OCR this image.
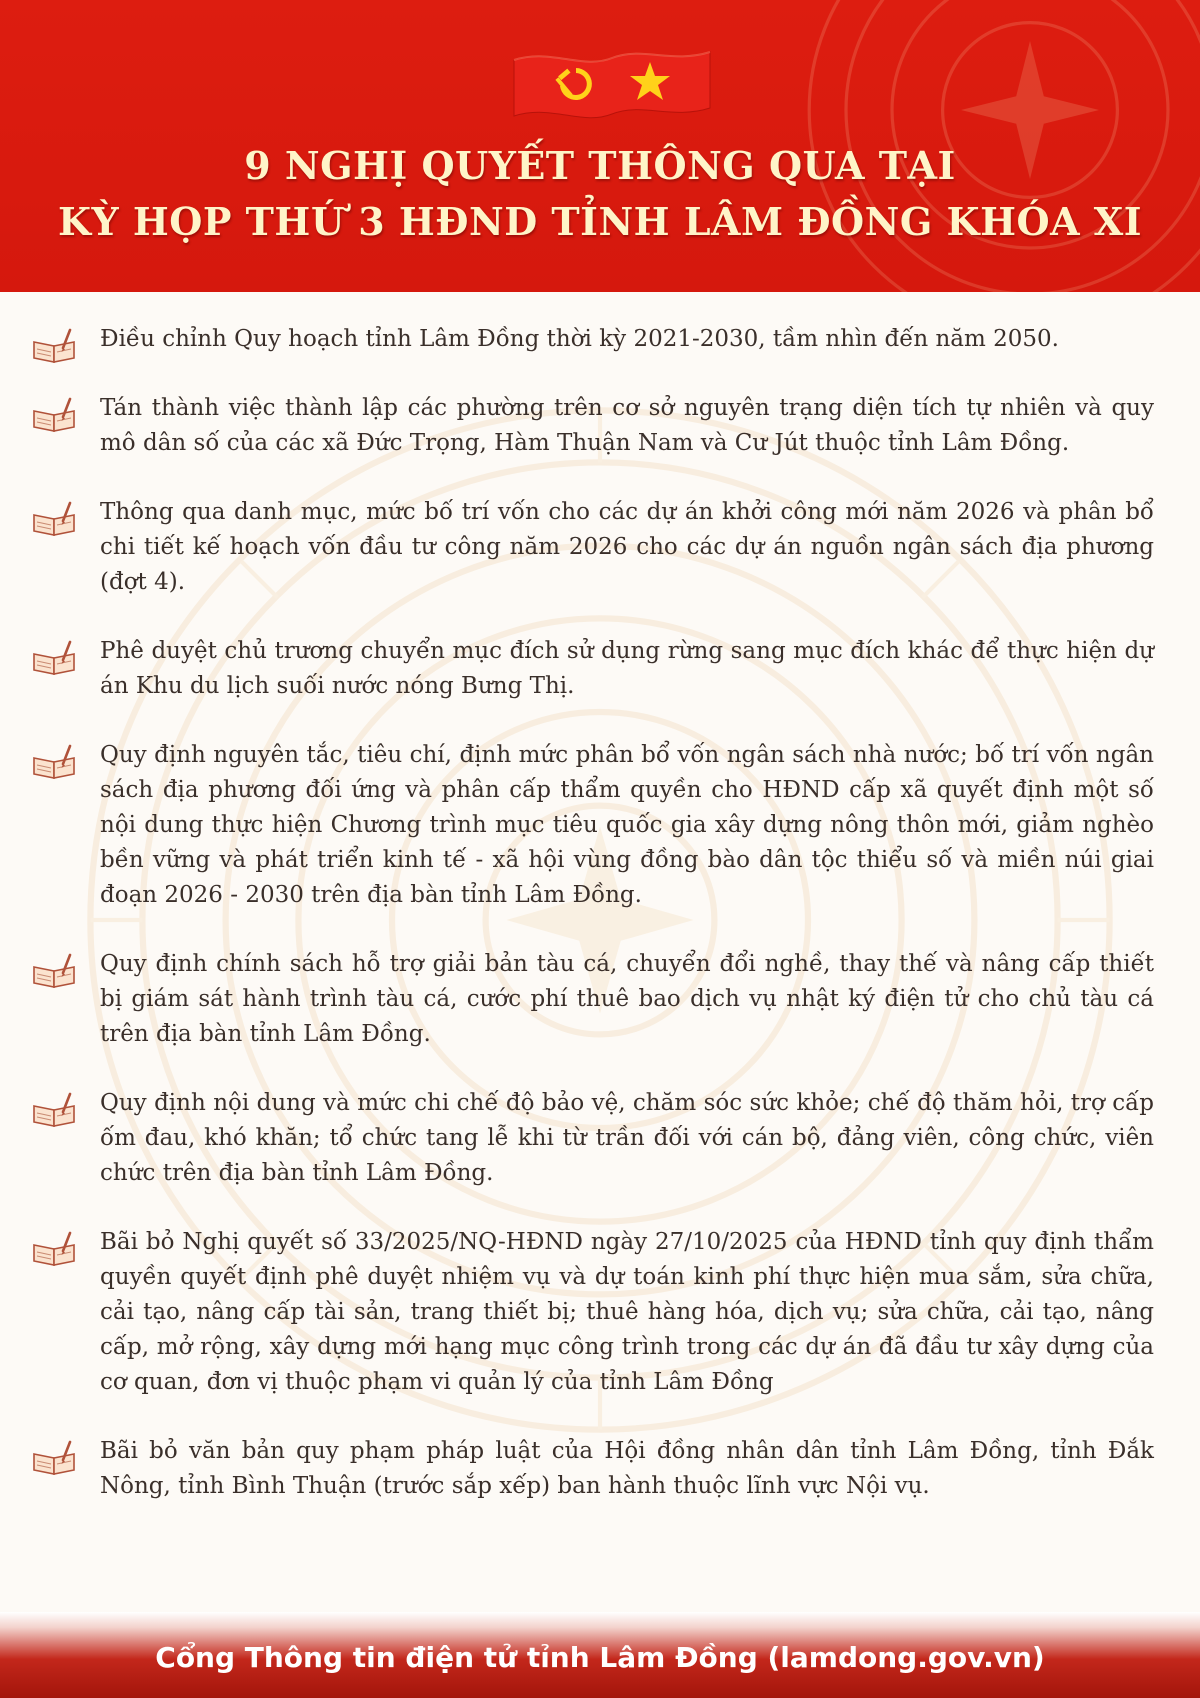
9 NGHỊ QUYẾT THÔNG QUA TẠI
KỲ HỌP THỨ 3 HĐND TỈNH LÂM ĐỒNG KHÓA XI
Điều chỉnh Quy hoạch tỉnh Lâm Đồng thời kỳ 2021-2030, tầm nhìn đến năm 2050.
Tán thành việc thành lập các phường trên cơ sở nguyên trạng diện tích tự nhiên và quy mô dân số của các xã Đức Trọng, Hàm Thuận Nam và Cư Jút thuộc tỉnh Lâm Đồng.
Thông qua danh mục, mức bố trí vốn cho các dự án khởi công mới năm 2026 và phân bổ chi tiết kế hoạch vốn đầu tư công năm 2026 cho các dự án nguồn ngân sách địa phương (đợt 4).
Phê duyệt chủ trương chuyển mục đích sử dụng rừng sang mục đích khác để thực hiện dự án Khu du lịch suối nước nóng Bưng Thị.
Quy định nguyên tắc, tiêu chí, định mức phân bổ vốn ngân sách nhà nước; bố trí vốn ngân sách địa phương đối ứng và phân cấp thẩm quyền cho HĐND cấp xã quyết định một số nội dung thực hiện Chương trình mục tiêu quốc gia xây dựng nông thôn mới, giảm nghèo bền vững và phát triển kinh tế - xã hội vùng đồng bào dân tộc thiểu số và miền núi giai đoạn 2026 - 2030 trên địa bàn tỉnh Lâm Đồng.
Quy định chính sách hỗ trợ giải bản tàu cá, chuyển đổi nghề, thay thế và nâng cấp thiết bị giám sát hành trình tàu cá, cước phí thuê bao dịch vụ nhật ký điện tử cho chủ tàu cá trên địa bàn tỉnh Lâm Đồng.
Quy định nội dung và mức chi chế độ bảo vệ, chăm sóc sức khỏe; chế độ thăm hỏi, trợ cấp ốm đau, khó khăn; tổ chức tang lễ khi từ trần đối với cán bộ, đảng viên, công chức, viên chức trên địa bàn tỉnh Lâm Đồng.
Bãi bỏ Nghị quyết số 33/2025/NQ-HĐND ngày 27/10/2025 của HĐND tỉnh quy định thẩm quyền quyết định phê duyệt nhiệm vụ và dự toán kinh phí thực hiện mua sắm, sửa chữa, cải tạo, nâng cấp tài sản, trang thiết bị; thuê hàng hóa, dịch vụ; sửa chữa, cải tạo, nâng cấp, mở rộng, xây dựng mới hạng mục công trình trong các dự án đã đầu tư xây dựng của cơ quan, đơn vị thuộc phạm vi quản lý của tỉnh Lâm Đồng
Bãi bỏ văn bản quy phạm pháp luật của Hội đồng nhân dân tỉnh Lâm Đồng, tỉnh Đắk Nông, tỉnh Bình Thuận (trước sắp xếp) ban hành thuộc lĩnh vực Nội vụ.
Cổng Thông tin điện tử tỉnh Lâm Đồng (lamdong.gov.vn)
